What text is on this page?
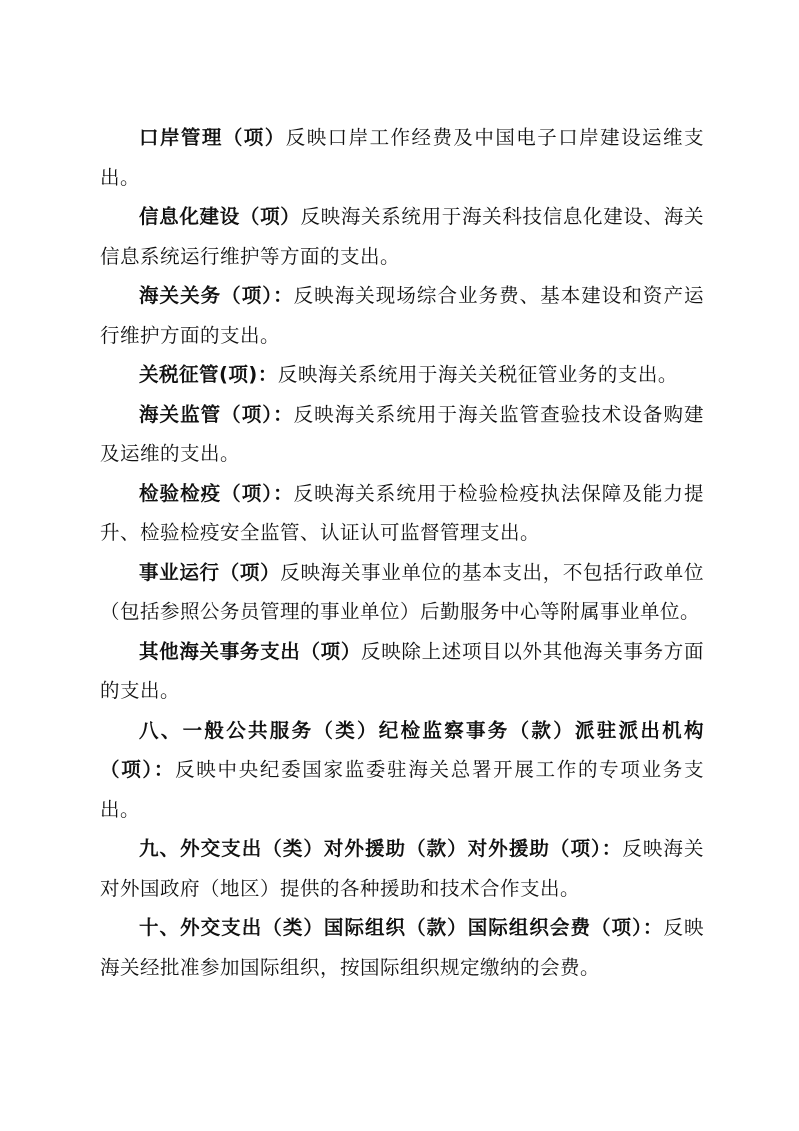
口岸管理（项）反映口岸工作经费及中国电子口岸建设运维支出。

信息化建设（项）反映海关系统用于海关科技信息化建设、海关信息系统运行维护等方面的支出。

海关关务（项）：反映海关现场综合业务费、基本建设和资产运行维护方面的支出。

关税征管(项)：反映海关系统用于海关关税征管业务的支出。

海关监管（项）：反映海关系统用于海关监管查验技术设备购建及运维的支出。

检验检疫（项）：反映海关系统用于检验检疫执法保障及能力提升、检验检疫安全监管、认证认可监督管理支出。

事业运行（项）反映海关事业单位的基本支出，不包括行政单位（包括参照公务员管理的事业单位）后勤服务中心等附属事业单位。

其他海关事务支出（项）反映除上述项目以外其他海关事务方面的支出。

八、一般公共服务（类）纪检监察事务（款）派驻派出机构（项）：反映中央纪委国家监委驻海关总署开展工作的专项业务支出。

九、外交支出（类）对外援助（款）对外援助（项）：反映海关对外国政府（地区）提供的各种援助和技术合作支出。

十、外交支出（类）国际组织（款）国际组织会费（项）：反映海关经批准参加国际组织，按国际组织规定缴纳的会费。
